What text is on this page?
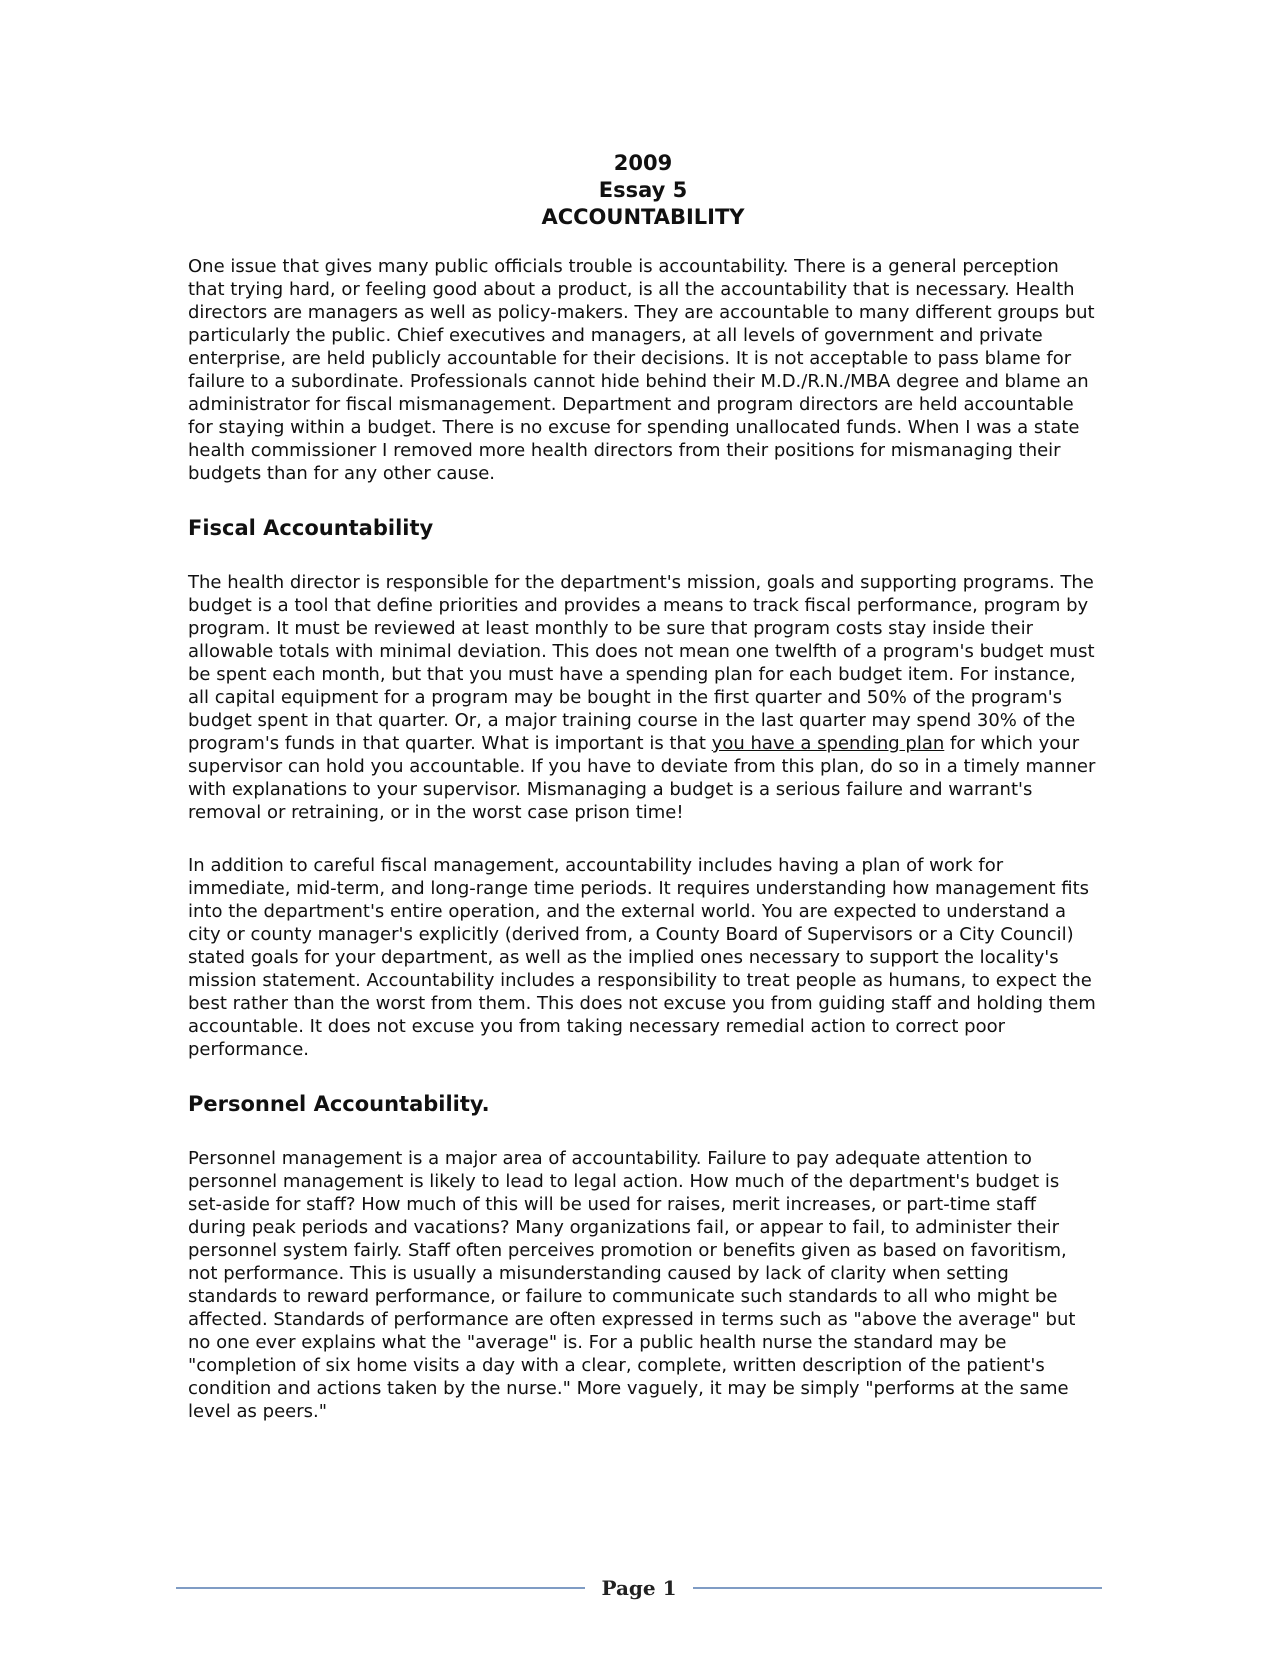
2009
Essay 5
ACCOUNTABILITY

One issue that gives many public officials trouble is accountability. There is a general perception that trying hard, or feeling good about a product, is all the accountability that is necessary. Health directors are managers as well as policy-makers. They are accountable to many different groups but particularly the public. Chief executives and managers, at all levels of government and private enterprise, are held publicly accountable for their decisions. It is not acceptable to pass blame for failure to a subordinate. Professionals cannot hide behind their M.D./R.N./MBA degree and blame an administrator for fiscal mismanagement. Department and program directors are held accountable for staying within a budget. There is no excuse for spending unallocated funds. When I was a state health commissioner I removed more health directors from their positions for mismanaging their budgets than for any other cause.

Fiscal Accountability

The health director is responsible for the department's mission, goals and supporting programs. The budget is a tool that define priorities and provides a means to track fiscal performance, program by program. It must be reviewed at least monthly to be sure that program costs stay inside their allowable totals with minimal deviation. This does not mean one twelfth of a program's budget must be spent each month, but that you must have a spending plan for each budget item. For instance, all capital equipment for a program may be bought in the first quarter and 50% of the program's budget spent in that quarter. Or, a major training course in the last quarter may spend 30% of the program's funds in that quarter. What is important is that you have a spending plan for which your supervisor can hold you accountable. If you have to deviate from this plan, do so in a timely manner with explanations to your supervisor. Mismanaging a budget is a serious failure and warrant's removal or retraining, or in the worst case prison time!

In addition to careful fiscal management, accountability includes having a plan of work for immediate, mid-term, and long-range time periods. It requires understanding how management fits into the department's entire operation, and the external world. You are expected to understand a city or county manager's explicitly (derived from, a County Board of Supervisors or a City Council) stated goals for your department, as well as the implied ones necessary to support the locality's mission statement. Accountability includes a responsibility to treat people as humans, to expect the best rather than the worst from them. This does not excuse you from guiding staff and holding them accountable. It does not excuse you from taking necessary remedial action to correct poor performance.

Personnel Accountability.

Personnel management is a major area of accountability. Failure to pay adequate attention to personnel management is likely to lead to legal action. How much of the department's budget is set-aside for staff? How much of this will be used for raises, merit increases, or part-time staff during peak periods and vacations? Many organizations fail, or appear to fail, to administer their personnel system fairly. Staff often perceives promotion or benefits given as based on favoritism, not performance. This is usually a misunderstanding caused by lack of clarity when setting standards to reward performance, or failure to communicate such standards to all who might be affected. Standards of performance are often expressed in terms such as "above the average" but no one ever explains what the "average" is. For a public health nurse the standard may be "completion of six home visits a day with a clear, complete, written description of the patient's condition and actions taken by the nurse." More vaguely, it may be simply "performs at the same level as peers."

Page 1
